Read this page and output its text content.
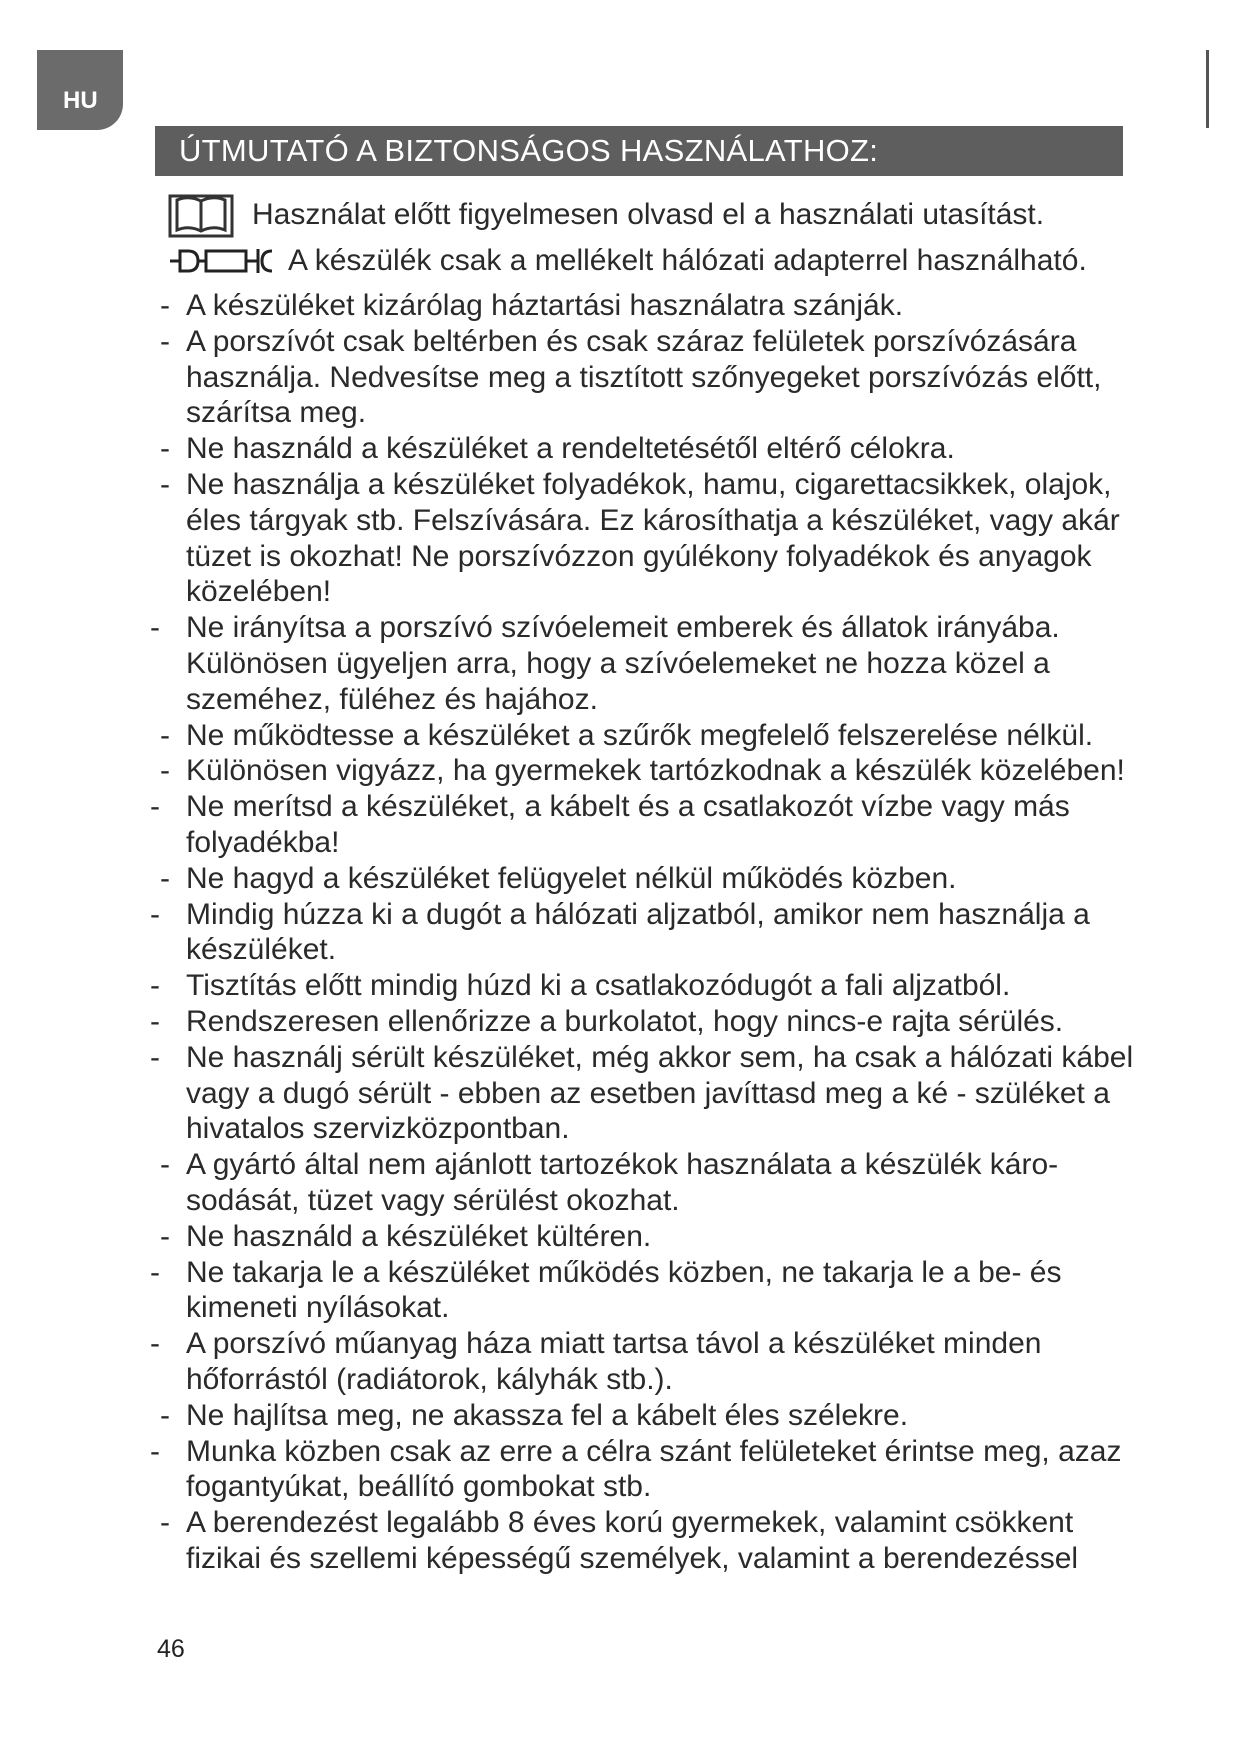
HU
ÚTMUTATÓ A BIZTONSÁGOS HASZNÁLATHOZ:
Használat előtt figyelmesen olvasd el a használati utasítást.
A készülék csak a mellékelt hálózati adapterrel használható.
- A készüléket kizárólag háztartási használatra szánják.
- A porszívót csak beltérben és csak száraz felületek porszívózására használja. Nedvesítse meg a tisztított szőnyegeket porszívózás előtt, szárítsa meg.
- Ne használd a készüléket a rendeltetésétől eltérő célokra.
- Ne használja a készüléket folyadékok, hamu, cigarettacsikkek, olajok, éles tárgyak stb. Felszívására. Ez károsíthatja a készüléket, vagy akár tüzet is okozhat! Ne porszívózzon gyúlékony folyadékok és anyagok közelében!
- Ne irányítsa a porszívó szívóelemeit emberek és állatok irányába. Különösen ügyeljen arra, hogy a szívóelemeket ne hozza közel a szeméhez, füléhez és hajához.
- Ne működtesse a készüléket a szűrők megfelelő felszerelése nélkül.
- Különösen vigyázz, ha gyermekek tartózkodnak a készülék közelében!
- Ne merítsd a készüléket, a kábelt és a csatlakozót vízbe vagy más folyadékba!
- Ne hagyd a készüléket felügyelet nélkül működés közben.
- Mindig húzza ki a dugót a hálózati aljzatból, amikor nem használja a készüléket.
- Tisztítás előtt mindig húzd ki a csatlakozódugót a fali aljzatból.
- Rendszeresen ellenőrizze a burkolatot, hogy nincs-e rajta sérülés.
- Ne használj sérült készüléket, még akkor sem, ha csak a hálózati kábel vagy a dugó sérült - ebben az esetben javíttasd meg a ké - szüléket a hivatalos szervizközpontban.
- A gyártó által nem ajánlott tartozékok használata a készülék káro- sodását, tüzet vagy sérülést okozhat.
- Ne használd a készüléket kültéren.
- Ne takarja le a készüléket működés közben, ne takarja le a be- és kimeneti nyílásokat.
- A porszívó műanyag háza miatt tartsa távol a készüléket minden hőforrástól (radiátorok, kályhák stb.).
- Ne hajlítsa meg, ne akassza fel a kábelt éles szélekre.
- Munka közben csak az erre a célra szánt felületeket érintse meg, azaz fogantyúkat, beállító gombokat stb.
- A berendezést legalább 8 éves korú gyermekek, valamint csökkent fizikai és szellemi képességű személyek, valamint a berendezéssel
46
